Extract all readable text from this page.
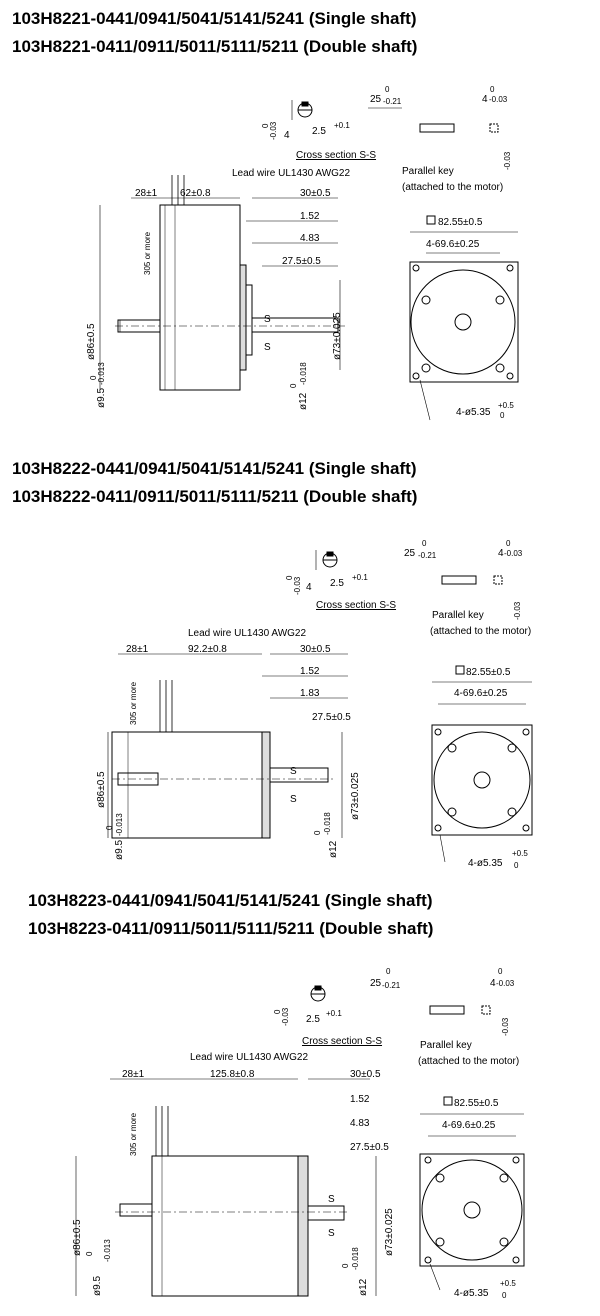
103H8221-0441/0941/5041/5141/5241 (Single shaft)
103H8221-0411/0911/5011/5111/5211 (Double shaft)
-0.03
0
4 2.5
+0.1
Cross section S-S
0
25 -0.21
0
4 -0.03
-0.03
Parallel key
(attached to the motor)
28±1 62±0.8	30±0.5
1.52
4.83
27.5±0.5
305 or more
Lead wire UL1430 AWG22
ø86±0.5
ø9.5
0 -0.013
S
S	ø73±0.025
ø12
0
-0.018
82.55±0.5
4-69.6±0.25
4-ø5.35
+0.5
0
103H8222-0441/0941/5041/5141/5241 (Single shaft)
103H8222-0411/0911/5011/5111/5211 (Double shaft)
-0.03
0
4 2.5
+0.1
Cross section S-S
0
25 -0.21
0
4 -0.03
-0.03
Parallel key
(attached to the motor)
28±1	92.2±0.8	30±0.5
1.52
1.83
27.5±0.5
305 or more
Lead wire UL1430 AWG22
ø86±0.5
ø9.5
0 -0.013
S
S	ø73±0.025
ø12
0 -0.018
82.55±0.5
4-69.6±0.25
4-ø5.35
+0.5
0
103H8223-0441/0941/5041/5141/5241 (Single shaft)
103H8223-0411/0911/5011/5111/5211 (Double shaft)
-0.03
0
2.5
+0.1
Cross section S-S
0
25 -0.21
0
4 -0.03
-0.03
Parallel key
(attached to the motor)
28±1	125.8±0.8	30±0.5
1.52
4.83
27.5±0.5
305 or more
Lead wire UL1430 AWG22
ø86±0.5
ø9.5
0 -0.013
S
S	ø73±0.025
ø12
0 -0.018
82.55±0.5
4-69.6±0.25
4-ø5.35
+0.5
0
